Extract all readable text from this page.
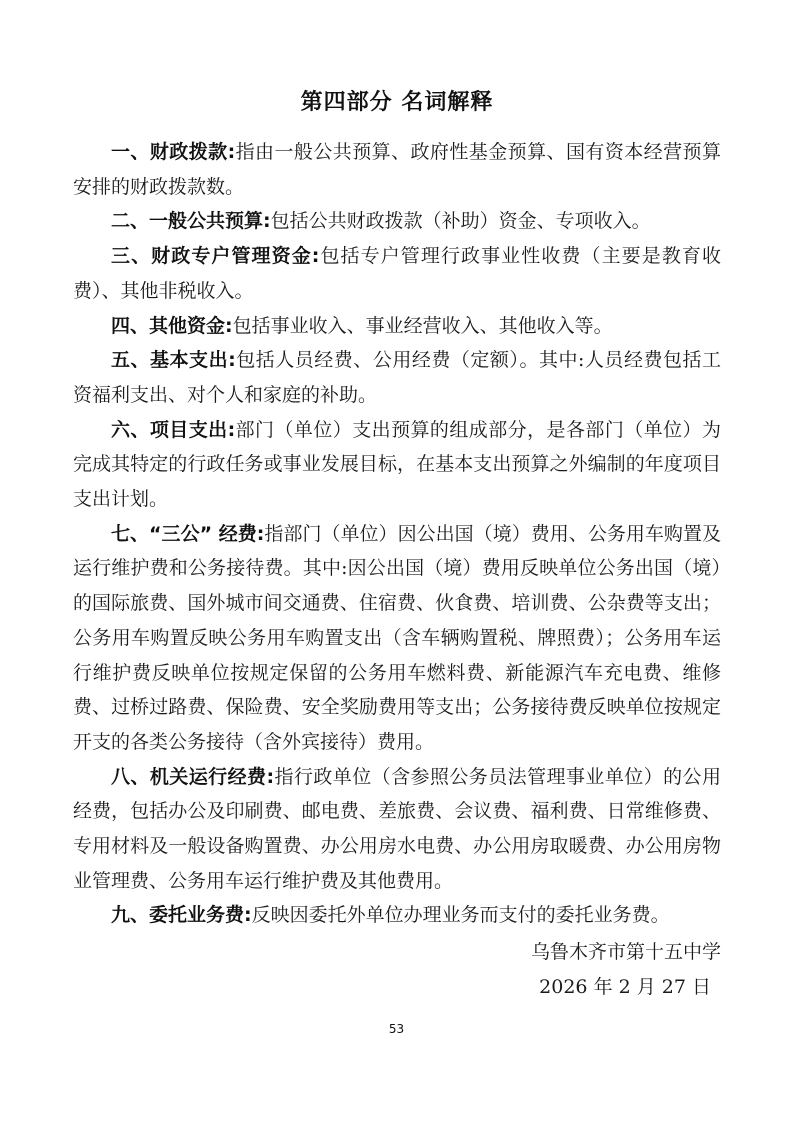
第四部分 名词解释

一、财政拨款:指由一般公共预算、政府性基金预算、国有资本经营预算安排的财政拨款数。

二、一般公共预算:包括公共财政拨款（补助）资金、专项收入。

三、财政专户管理资金:包括专户管理行政事业性收费（主要是教育收费）、其他非税收入。

四、其他资金:包括事业收入、事业经营收入、其他收入等。

五、基本支出:包括人员经费、公用经费（定额）。其中:人员经费包括工资福利支出、对个人和家庭的补助。

六、项目支出:部门（单位）支出预算的组成部分，是各部门（单位）为完成其特定的行政任务或事业发展目标，在基本支出预算之外编制的年度项目支出计划。

七、“三公” 经费:指部门（单位）因公出国（境）费用、公务用车购置及运行维护费和公务接待费。其中:因公出国（境）费用反映单位公务出国（境）的国际旅费、国外城市间交通费、住宿费、伙食费、培训费、公杂费等支出；公务用车购置反映公务用车购置支出（含车辆购置税、牌照费）；公务用车运行维护费反映单位按规定保留的公务用车燃料费、新能源汽车充电费、维修费、过桥过路费、保险费、安全奖励费用等支出；公务接待费反映单位按规定开支的各类公务接待（含外宾接待）费用。

八、机关运行经费:指行政单位（含参照公务员法管理事业单位）的公用经费，包括办公及印刷费、邮电费、差旅费、会议费、福利费、日常维修费、专用材料及一般设备购置费、办公用房水电费、办公用房取暖费、办公用房物业管理费、公务用车运行维护费及其他费用。

九、委托业务费:反映因委托外单位办理业务而支付的委托业务费。

乌鲁木齐市第十五中学

2026 年 2 月 27 日

53
